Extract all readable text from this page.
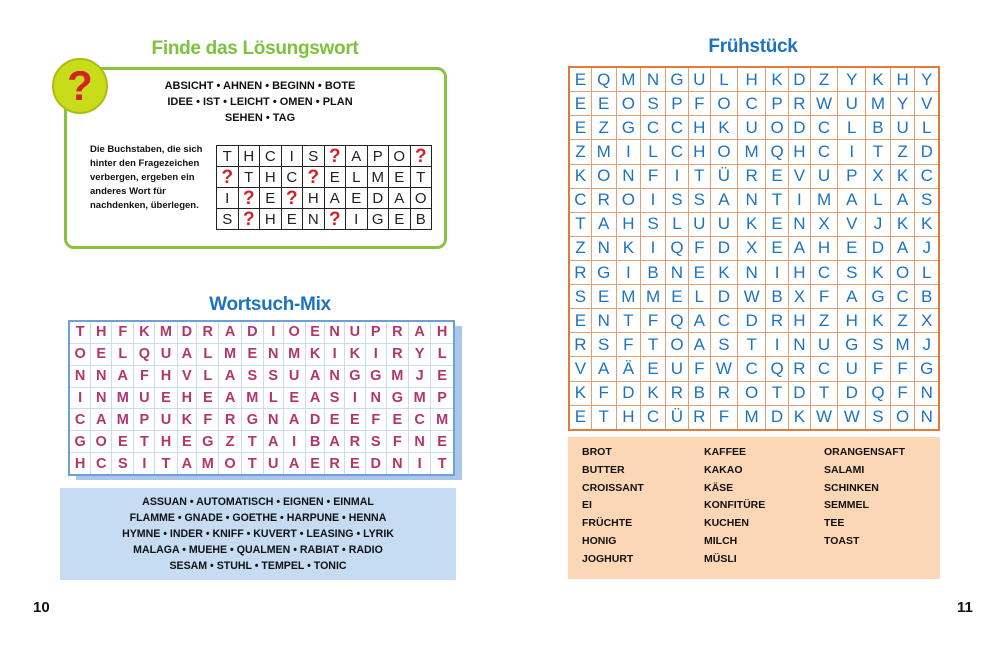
Finde das Lösungswort
?	ABSICHT • AHNEN • BEGINN • BOTE
IDEE • IST • LEICHT • OMEN • PLAN
SEHEN • TAG
Die Buchstaben, die sich hinter den Fragezeichen verbergen, ergeben ein anderes Wort für nachdenken, überlegen.
T	H	C	I	S	?	A	P	O	?
?	T	H	C	?	E	L	M	E	T
I	?	E	?	H	A	E	D	A	O
S	?	H	E	N	?	I	G	E	B
Wortsuch-Mix
T	H	F	K	M	D	R	A	D	I	O	E	N	U	P	R	A	H
O	E	L	Q	U	A	L	M	E	N	M	K	I	K	I	R	Y	L
N	N	A	F	H	V	L	A	S	S	U	A	N	G	G	M	J	E
I	N	M	U	E	H	E	A	M	L	E	A	S	I	N	G	M	P
C	A	M	P	U	K	F	R	G	N	A	D	E	E	F	E	C	M
G	O	E	T	H	E	G	Z	T	A	I	B	A	R	S	F	N	E
H	C	S	I	T	A	M	O	T	U	A	E	R	E	D	N	I	T
ASSUAN • AUTOMATISCH • EIGNEN • EINMAL
FLAMME • GNADE • GOETHE • HARPUNE • HENNA
HYMNE • INDER • KNIFF • KUVERT • LEASING • LYRIK
MALAGA • MUEHE • QUALMEN • RABIAT • RADIO
SESAM • STUHL • TEMPEL • TONIC
Frühstück
E	Q	M	N	G	U	L	H	K	D	Z	Y	K	H	Y
E	E	O	S	P	F	O	C	P	R	W	U	M	Y	V
E	Z	G	C	C	H	K	U	O	D	C	L	B	U	L
Z	M	I	L	C	H	O	M	Q	H	C	I	T	Z	D
K	O	N	F	I	T	Ü	R	E	V	U	P	X	K	C
C	R	O	I	S	S	A	N	T	I	M	A	L	A	S
T	A	H	S	L	U	U	K	E	N	X	V	J	K	K
Z	N	K	I	Q	F	D	X	E	A	H	E	D	A	J
R	G	I	B	N	E	K	N	I	H	C	S	K	O	L
S	E	M	M	E	L	D	W	B	X	F	A	G	C	B
E	N	T	F	Q	A	C	D	R	H	Z	H	K	Z	X
R	S	F	T	O	A	S	T	I	N	U	G	S	M	J
V	A	Ä	E	U	F	W	C	Q	R	C	U	F	F	G
K	F	D	K	R	B	R	O	T	D	T	D	Q	F	N
E	T	H	C	Ü	R	F	M	D	K	W	W	S	O	N
BROT
BUTTER
CROISSANT
EI
FRÜCHTE
HONIG
JOGHURT
KAFFEE
KAKAO
KÄSE
KONFITÜRE
KUCHEN
MILCH
MÜSLI
ORANGENSAFT
SALAMI
SCHINKEN
SEMMEL
TEE
TOAST
10	11
